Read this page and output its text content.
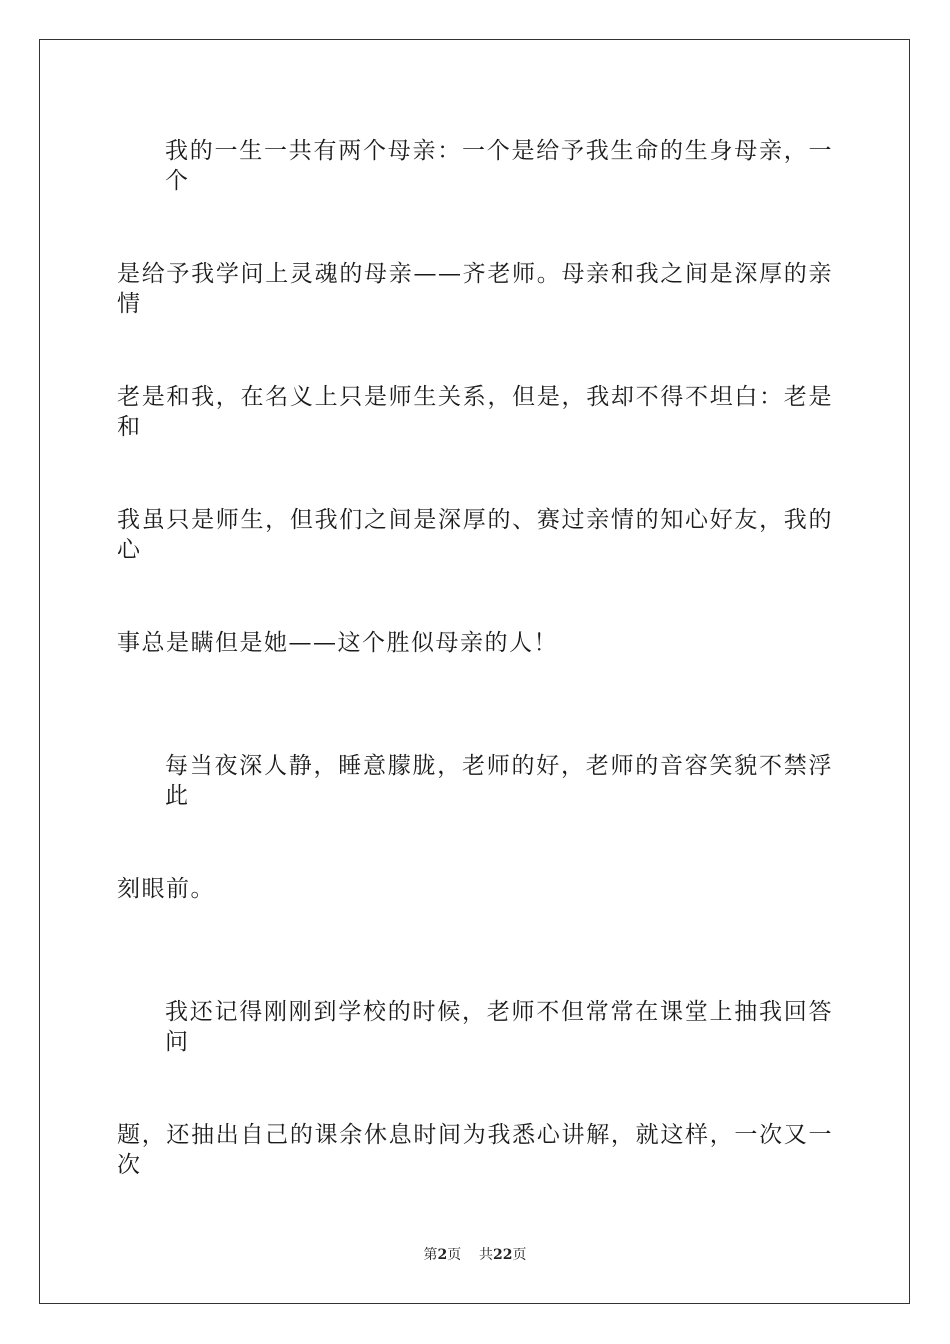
我的一生一共有两个母亲：一个是给予我生命的生身母亲，一个
是给予我学问上灵魂的母亲——齐老师。母亲和我之间是深厚的亲情
老是和我，在名义上只是师生关系，但是，我却不得不坦白：老是和
我虽只是师生，但我们之间是深厚的、赛过亲情的知心好友，我的心
事总是瞒但是她——这个胜似母亲的人！
每当夜深人静，睡意朦胧，老师的好，老师的音容笑貌不禁浮此
刻眼前。
我还记得刚刚到学校的时候，老师不但常常在课堂上抽我回答问
题，还抽出自己的课余休息时间为我悉心讲解，就这样，一次又一次
第2页 共22页
